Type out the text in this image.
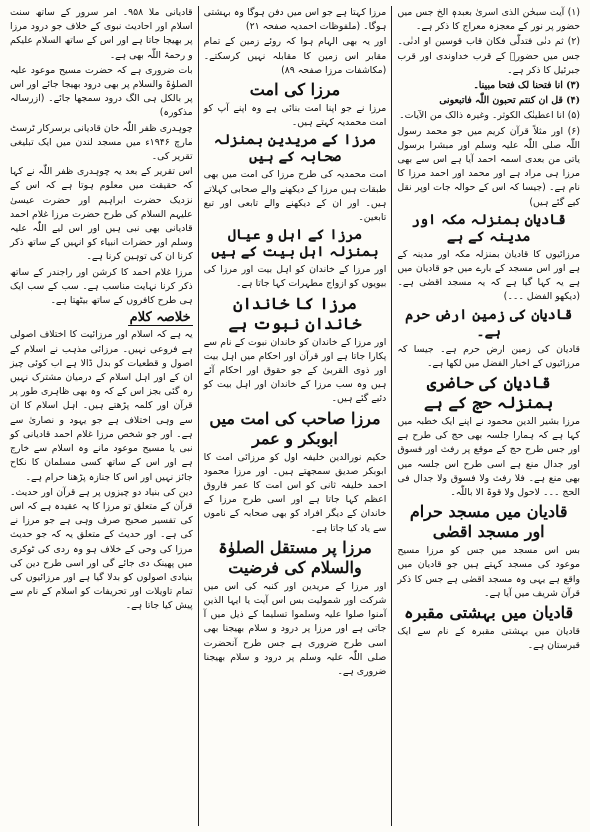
(۱) آیت سبحٰن الذی اسریٰ بعبدہٖ الخ جس میں حضور پر نور کے معجزہ معراج کا ذکر ہے۔

(۲) ثم دنٰی فتدلّٰی فکان قاب قوسین او ادنٰی۔ جس میں حضورؐ کے قرب خداوندی اور قرب جبرئیل کا ذکر ہے۔

(۳) انا فتحنا لک فتحا مبینا۔

(۴) قل ان کنتم تحبون اللّٰہ فاتبعونی

(۵) انا اعطینٰک الکوثر۔ وغیرہ ذالک من الآیات۔

(۶) اور مثلاً قرآن کریم میں جو محمد رسول اللّٰہ صلی اللّٰہ علیہ وسلم اور مبشرا برسول یاتی من بعدی اسمہ احمد آیا ہے اس سے بھی مرزا ہی مراد ہے اور محمد اور احمد مرزا کا نام ہے۔ (جیسا کہ اس کے حوالہ جات اوپر نقل کیے گئے ہیں)

قادیان بمنزلہ مکہ اور مدینہ کے ہے

مرزائیوں کا قادیان بمنزلہ مکہ اور مدینہ کے ہے اور اس مسجد کے بارے میں جو قادیان میں ہے یہ کہا گیا ہے کہ یہ مسجد اقصٰی ہے۔ (دیکھو الفضل ۔۔۔)

قادیان کی زمین ارض حرم ہے۔

قادیان کی زمین ارض حرم ہے۔ جیسا کہ مرزائیوں کے اخبار الفضل میں لکھا ہے۔

قادیان کی حاضری بمنزلہ حج کے ہے

مرزا بشیر الدین محمود نے اپنے ایک خطبہ میں کہا ہے کہ ہمارا جلسہ بھی حج کی طرح ہے اور جس طرح حج کے موقع پر رفث اور فسوق اور جدال منع ہے اسی طرح اس جلسہ میں بھی منع ہے۔ فلا رفث ولا فسوق ولا جدال فی الحج ۔۔۔ لاحول ولا قوۃ الا باللّٰہ۔

قادیان میں مسجد حرام اور مسجد اقصٰی

بس اس مسجد میں جس کو مرزا مسیح موعود کی مسجد کہتے ہیں جو قادیان میں واقع ہے یہی وہ مسجد اقصٰی ہے جس کا ذکر قرآن شریف میں آیا ہے۔

قادیان میں بہشتی مقبرہ

قادیان میں بہشتی مقبرہ کے نام سے ایک قبرستان ہے۔

مرزا کہتا ہے جو اس میں دفن ہوگا وہ بہشتی ہوگا۔ (ملفوظات احمدیہ صفحہ ۲۱)

اور یہ بھی الہام ہوا کہ روئے زمین کے تمام مقابر اس زمین کا مقابلہ نہیں کرسکتے۔ (مکاشفات مرزا صفحہ ۸۹)

مرزا کی امت

مرزا نے جو اپنا امت بنائی ہے وہ اپنے آپ کو امت محمدیہ کہتے ہیں۔

مرزا کے مریدین بمنزلہ صحابہ کے ہیں

امت محمدیہ کی طرح مرزا کی امت میں بھی طبقات ہیں مرزا کے دیکھنے والے صحابی کہلاتے ہیں۔ اور ان کے دیکھنے والے تابعی اور تبع تابعین۔

مرزا کے اہل و عیال بمنزلہ اہل بیت کے ہیں

اور مرزا کے خاندان کو اہل بیت اور مرزا کی بیویوں کو ازواج مطہرات کہا جاتا ہے۔

مرزا کا خاندان خاندان نبوت ہے

اور مرزا کے خاندان کو خاندان نبوت کے نام سے پکارا جاتا ہے اور قرآن اور احکام میں اہل بیت اور ذوی القربیٰ کے جو حقوق اور احکام آئے ہیں وہ سب مرزا کے خاندان اور اہل بیت کو دئیے گئے ہیں۔

مرزا صاحب کی امت میں ابوبکر و عمر

حکیم نورالدین خلیفہ اول کو مرزائی امت کا ابوبکر صدیق سمجھتے ہیں۔ اور مرزا محمود احمد خلیفہ ثانی کو اس امت کا عمر فاروق اعظم کہا جاتا ہے اور اسی طرح مرزا کے خاندان کے دیگر افراد کو بھی صحابہ کے ناموں سے یاد کیا جاتا ہے۔

مرزا پر مستقل الصلوٰۃ والسلام کی فرضیت

اور مرزا کے مریدین اور کنبہ کی اس میں شرکت اور شمولیت بس اس آیت یا ایہا الذین آمنوا صلوا علیہ وسلموا تسلیما کے ذیل میں آ جاتی ہے اور مرزا پر درود و سلام بھیجنا بھی اسی طرح ضروری ہے جس طرح آنحضرت صلی اللّٰہ علیہ وسلم پر درود و سلام بھیجنا ضروری ہے۔

قادیانی ملا ۹۵۸۔ امر سرور کے ساتھ سنت اسلام اور احادیث نبوی کے خلاف جو درود مرزا پر بھیجا جاتا ہے اور اس کے ساتھ السلام علیکم و رحمۃ اللّٰہ بھی ہے۔

بات ضروری ہے کہ حضرت مسیح موعود علیہ الصلوٰۃ والسلام پر بھی درود بھیجا جائے اور اس پر بالکل ہی الگ درود سمجھا جائے۔ (ازرسالہ مذکورہ)

چوہدری ظفر اللّٰہ خان قادیانی برسرکار ٹرسٹ مارچ ۱۹۴۶ء میں مسجد لندن میں ایک تبلیغی تقریر کی۔

اس تقریر کے بعد یہ چوہدری ظفر اللّٰہ نے کہا کہ حقیقت میں معلوم ہوتا ہے کہ اس کے نزدیک حضرت ابراہیم اور حضرت عیسیٰ علیہم السلام کی طرح حضرت مرزا غلام احمد قادیانی بھی نبی ہیں اور اس لیے اللّٰہ علیہ وسلم اور حضرات انبیاء کو انہیں کے ساتھ ذکر کرنا ان کی توہین کرنا ہے۔

مرزا غلام احمد کا کرشن اور راجندر کے ساتھ ذکر کرنا نہایت مناسب ہے۔ سب کے سب ایک ہی طرح کافروں کے ساتھ بیٹھتا ہے۔

خلاصہ کلام

یہ ہے کہ اسلام اور مرزائیت کا اختلاف اصولی ہے فروعی نہیں۔ مرزائی مذہب نے اسلام کے اصول و قطعیات کو بدل ڈالا ہے اب کوئی چیز ان کے اور اہل اسلام کے درمیان مشترک نہیں رہ گئی بجز اس کے کہ وہ بھی ظاہری طور پر قرآن اور کلمہ پڑھتے ہیں۔ اہل اسلام کا ان سے وہی اختلاف ہے جو یہود و نصاریٰ سے ہے۔ اور جو شخص مرزا غلام احمد قادیانی کو نبی یا مسیح موعود مانے وہ اسلام سے خارج ہے اور اس کے ساتھ کسی مسلمان کا نکاح جائز نہیں اور اس کا جنازہ پڑھنا حرام ہے۔

دین کی بنیاد دو چیزوں پر ہے قرآن اور حدیث۔ قرآن کے متعلق تو مرزا کا یہ عقیدہ ہے کہ اس کی تفسیر صحیح صرف وہی ہے جو مرزا نے کی ہے۔ اور حدیث کے متعلق یہ کہ جو حدیث مرزا کی وحی کے خلاف ہو وہ ردی کی ٹوکری میں پھینک دی جائے گی اور اسی طرح دین کی بنیادی اصولوں کو بدلا گیا ہے اور مرزائیوں کی تمام تاویلات اور تحریفات کو اسلام کے نام سے پیش کیا جاتا ہے۔
